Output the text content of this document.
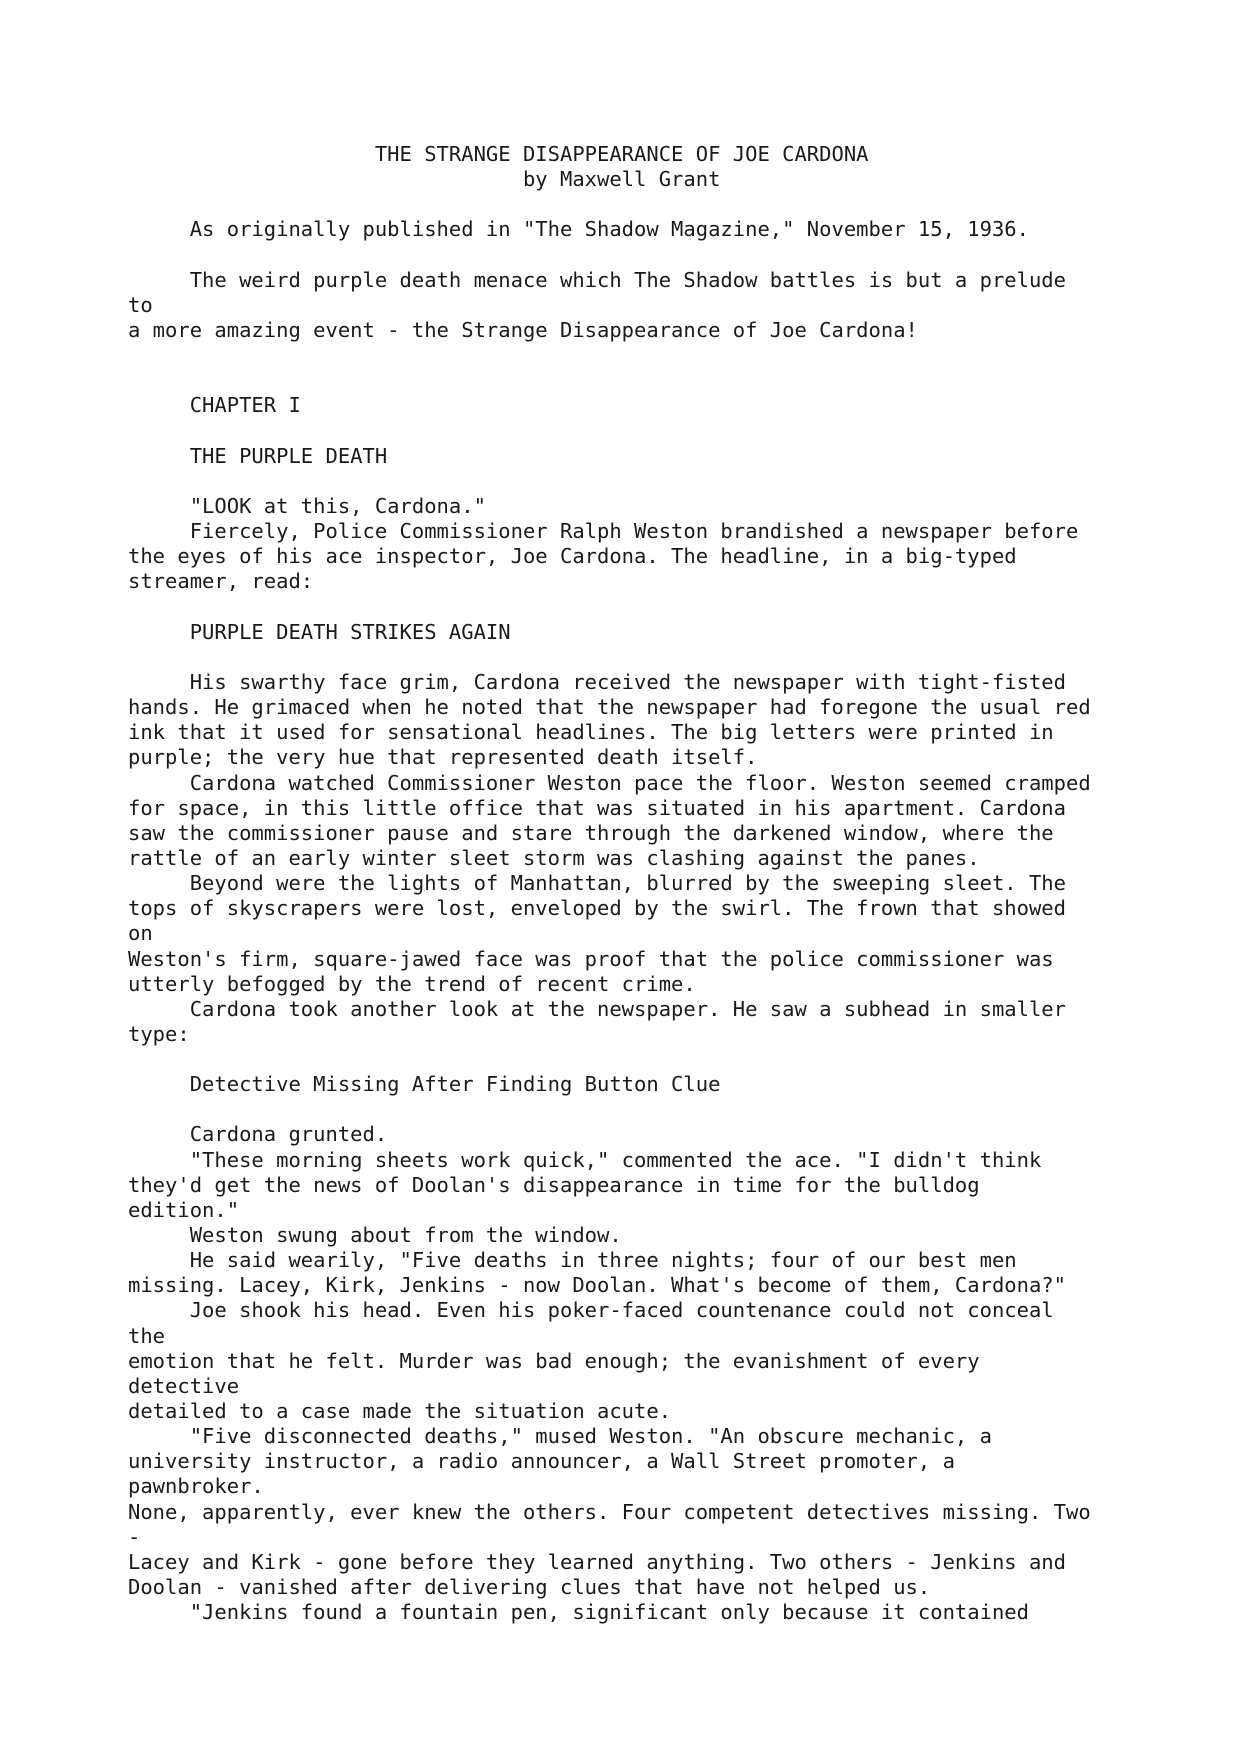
THE STRANGE DISAPPEARANCE OF JOE CARDONA
by Maxwell Grant
As originally published in "The Shadow Magazine," November 15, 1936.
The weird purple death menace which The Shadow battles is but a prelude
to
a more amazing event - the Strange Disappearance of Joe Cardona!
CHAPTER I
THE PURPLE DEATH
"LOOK at this, Cardona."
Fiercely, Police Commissioner Ralph Weston brandished a newspaper before
the eyes of his ace inspector, Joe Cardona. The headline, in a big-typed
streamer, read:
PURPLE DEATH STRIKES AGAIN
His swarthy face grim, Cardona received the newspaper with tight-fisted
hands. He grimaced when he noted that the newspaper had foregone the usual red
ink that it used for sensational headlines. The big letters were printed in
purple; the very hue that represented death itself.
Cardona watched Commissioner Weston pace the floor. Weston seemed cramped
for space, in this little office that was situated in his apartment. Cardona
saw the commissioner pause and stare through the darkened window, where the
rattle of an early winter sleet storm was clashing against the panes.
Beyond were the lights of Manhattan, blurred by the sweeping sleet. The
tops of skyscrapers were lost, enveloped by the swirl. The frown that showed
on
Weston's firm, square-jawed face was proof that the police commissioner was
utterly befogged by the trend of recent crime.
Cardona took another look at the newspaper. He saw a subhead in smaller
type:
Detective Missing After Finding Button Clue
Cardona grunted.
"These morning sheets work quick," commented the ace. "I didn't think
they'd get the news of Doolan's disappearance in time for the bulldog
edition."
Weston swung about from the window.
He said wearily, "Five deaths in three nights; four of our best men
missing. Lacey, Kirk, Jenkins - now Doolan. What's become of them, Cardona?"
Joe shook his head. Even his poker-faced countenance could not conceal
the
emotion that he felt. Murder was bad enough; the evanishment of every
detective
detailed to a case made the situation acute.
"Five disconnected deaths," mused Weston. "An obscure mechanic, a
university instructor, a radio announcer, a Wall Street promoter, a
pawnbroker.
None, apparently, ever knew the others. Four competent detectives missing. Two
-
Lacey and Kirk - gone before they learned anything. Two others - Jenkins and
Doolan - vanished after delivering clues that have not helped us.
"Jenkins found a fountain pen, significant only because it contained
